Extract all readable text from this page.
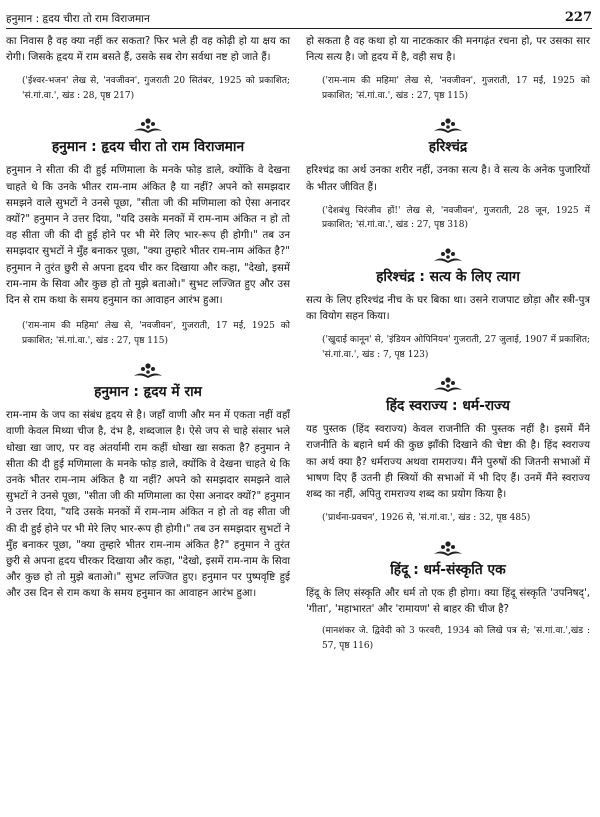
हनुमान : हृदय चीरा तो राम विराजमान	227

का निवास है वह क्या नहीं कर सकता? फिर भले ही वह कोढ़ी हो या क्षय का रोगी। जिसके हृदय में राम बसते हैं, उसके सब रोग सर्वथा नष्ट हो जाते हैं।

('ईश्वर-भजन' लेख से, 'नवजीवन', गुजराती 20 सितंबर, 1925 को प्रकाशित; 'सं.गां.वा.', खंड : 28, पृष्ठ 217)

हनुमान : हृदय चीरा तो राम विराजमान

हनुमान ने सीता की दी हुई मणिमाला के मनके फोड़ डाले, क्योंकि वे देखना चाहते थे कि उनके भीतर राम-नाम अंकित है या नहीं? अपने को समझदार समझने वाले सुभटों ने उनसे पूछा, "सीता जी की मणिमाला को ऐसा अनादर क्यों?" हनुमान ने उत्तर दिया, "यदि उसके मनकों में राम-नाम अंकित न हो तो वह सीता जी की दी हुई होने पर भी मेरे लिए भार-रूप ही होगी।" तब उन समझदार सुभटों ने मुँह बनाकर पूछा, "क्या तुम्हारे भीतर राम-नाम अंकित है?" हनुमान ने तुरंत छुरी से अपना हृदय चीर कर दिखाया और कहा, "देखो, इसमें राम-नाम के सिवा और कुछ हो तो मुझे बताओ।" सुभट लज्जित हुए और उस दिन से राम कथा के समय हनुमान का आवाहन आरंभ हुआ।

('राम-नाम की महिमा' लेख से, 'नवजीवन', गुजराती, 17 मई, 1925 को प्रकाशित; 'सं.गां.वा.', खंड : 27, पृष्ठ 115)

हनुमान : हृदय में राम

राम-नाम के जप का संबंध हृदय से है। जहाँ वाणी और मन में एकता नहीं वहाँ वाणी केवल मिथ्या चीज है, दंभ है, शब्दजाल है। ऐसे जप से चाहे संसार भले धोखा खा जाए, पर वह अंतर्यामी राम कहीं धोखा खा सकता है? हनुमान ने सीता की दी हुई मणिमाला के मनके फोड़ डाले, क्योंकि वे देखना चाहते थे कि उनके भीतर राम-नाम अंकित है या नहीं? अपने को समझदार समझने वाले सुभटों ने उनसे पूछा, "सीता जी की मणिमाला का ऐसा अनादर क्यों?" हनुमान ने उत्तर दिया, "यदि उसके मनकों में राम-नाम अंकित न हो तो वह सीता जी की दी हुई होने पर भी मेरे लिए भार-रूप ही होगी।" तब उन समझदार सुभटों ने मुँह बनाकर पूछा, "क्या तुम्हारे भीतर राम-नाम अंकित है?" हनुमान ने तुरंत छुरी से अपना हृदय चीरकर दिखाया और कहा, "देखो, इसमें राम-नाम के सिवा और कुछ हो तो मुझे बताओ।" सुभट लज्जित हुए। हनुमान पर पुष्पवृष्टि हुई और उस दिन से राम कथा के समय हनुमान का आवाहन आरंभ हुआ।

हो सकता है वह कथा हो या नाटककार की मनगढ़ंत रचना हो, पर उसका सार नित्य सत्य है। जो हृदय में है, वही सच है।

('राम-नाम की महिमा' लेख से, 'नवजीवन', गुजराती, 17 मई, 1925 को प्रकाशित; 'सं.गां.वा.', खंड : 27, पृष्ठ 115)

हरिश्चंद्र

हरिश्चंद्र का अर्थ उनका शरीर नहीं, उनका सत्य है। वे सत्य के अनेक पुजारियों के भीतर जीवित हैं।

('देशबंधु चिरंजीव हों!' लेख से, 'नवजीवन', गुजराती, 28 जून, 1925 में प्रकाशित; 'सं.गां.वा.', खंड : 27, पृष्ठ 318)

हरिश्चंद्र : सत्य के लिए त्याग

सत्य के लिए हरिश्चंद्र नीच के घर बिका था। उसने राजपाट छोड़ा और स्त्री-पुत्र का वियोग सहन किया।

('खुदाई कानून' से, 'इंडियन ओपिनियन' गुजराती, 27 जुलाई, 1907 में प्रकाशित; 'सं.गां.वा.', खंड : 7, पृष्ठ 123)

हिंद स्वराज्य : धर्म-राज्य

यह पुस्तक (हिंद स्वराज्य) केवल राजनीति की पुस्तक नहीं है। इसमें मैंने राजनीति के बहाने धर्म की कुछ झाँकी दिखाने की चेष्टा की है। हिंद स्वराज्य का अर्थ क्या है? धर्मराज्य अथवा रामराज्य। मैंने पुरुषों की जितनी सभाओं में भाषण दिए हैं उतनी ही स्त्रियों की सभाओं में भी दिए हैं। उनमें मैंने स्वराज्य शब्द का नहीं, अपितु रामराज्य शब्द का प्रयोग किया है।

('प्रार्थना-प्रवचन', 1926 से, 'सं.गां.वा.', खंड : 32, पृष्ठ 485)

हिंदू : धर्म-संस्कृति एक

हिंदू के लिए संस्कृति और धर्म तो एक ही होगा। क्या हिंदू संस्कृति 'उपनिषद्', 'गीता', 'महाभारत' और 'रामायण' से बाहर की चीज है?

(मानशंकर जे. द्विवेदी को 3 फरवरी, 1934 को लिखे पत्र से; 'सं.गां.वा.',खंड : 57, पृष्ठ 116)
